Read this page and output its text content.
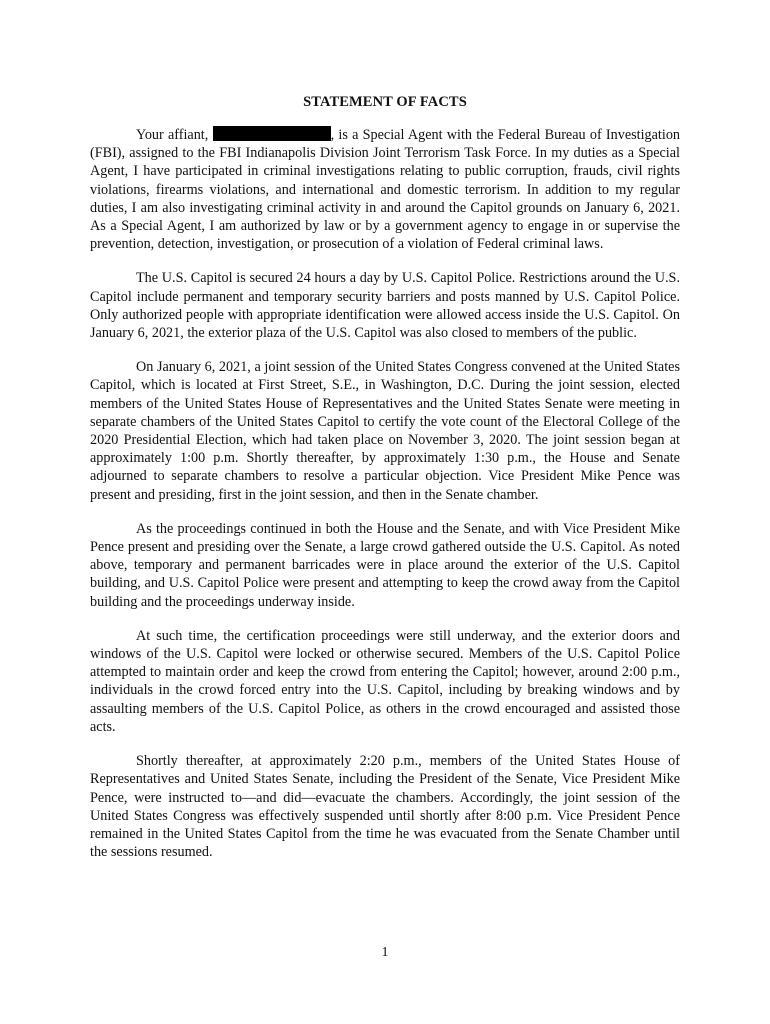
STATEMENT OF FACTS

Your affiant,	, is a Special Agent with the Federal Bureau of Investigation (FBI), assigned to the FBI Indianapolis Division Joint Terrorism Task Force. In my duties as a Special Agent, I have participated in criminal investigations relating to public corruption, frauds, civil rights violations, firearms violations, and international and domestic terrorism. In addition to my regular duties, I am also investigating criminal activity in and around the Capitol grounds on January 6, 2021. As a Special Agent, I am authorized by law or by a government agency to engage in or supervise the prevention, detection, investigation, or prosecution of a violation of Federal criminal laws.

The U.S. Capitol is secured 24 hours a day by U.S. Capitol Police. Restrictions around the U.S. Capitol include permanent and temporary security barriers and posts manned by U.S. Capitol Police. Only authorized people with appropriate identification were allowed access inside the U.S. Capitol. On January 6, 2021, the exterior plaza of the U.S. Capitol was also closed to members of the public.

On January 6, 2021, a joint session of the United States Congress convened at the United States Capitol, which is located at First Street, S.E., in Washington, D.C. During the joint session, elected members of the United States House of Representatives and the United States Senate were meeting in separate chambers of the United States Capitol to certify the vote count of the Electoral College of the 2020 Presidential Election, which had taken place on November 3, 2020. The joint session began at approximately 1:00 p.m. Shortly thereafter, by approximately 1:30 p.m., the House and Senate adjourned to separate chambers to resolve a particular objection. Vice President Mike Pence was present and presiding, first in the joint session, and then in the Senate chamber.

As the proceedings continued in both the House and the Senate, and with Vice President Mike Pence present and presiding over the Senate, a large crowd gathered outside the U.S. Capitol. As noted above, temporary and permanent barricades were in place around the exterior of the U.S. Capitol building, and U.S. Capitol Police were present and attempting to keep the crowd away from the Capitol building and the proceedings underway inside.

At such time, the certification proceedings were still underway, and the exterior doors and windows of the U.S. Capitol were locked or otherwise secured. Members of the U.S. Capitol Police attempted to maintain order and keep the crowd from entering the Capitol; however, around 2:00 p.m., individuals in the crowd forced entry into the U.S. Capitol, including by breaking windows and by assaulting members of the U.S. Capitol Police, as others in the crowd encouraged and assisted those acts.

Shortly thereafter, at approximately 2:20 p.m., members of the United States House of Representatives and United States Senate, including the President of the Senate, Vice President Mike Pence, were instructed to—and did—evacuate the chambers. Accordingly, the joint session of the United States Congress was effectively suspended until shortly after 8:00 p.m. Vice President Pence remained in the United States Capitol from the time he was evacuated from the Senate Chamber until the sessions resumed.

1
